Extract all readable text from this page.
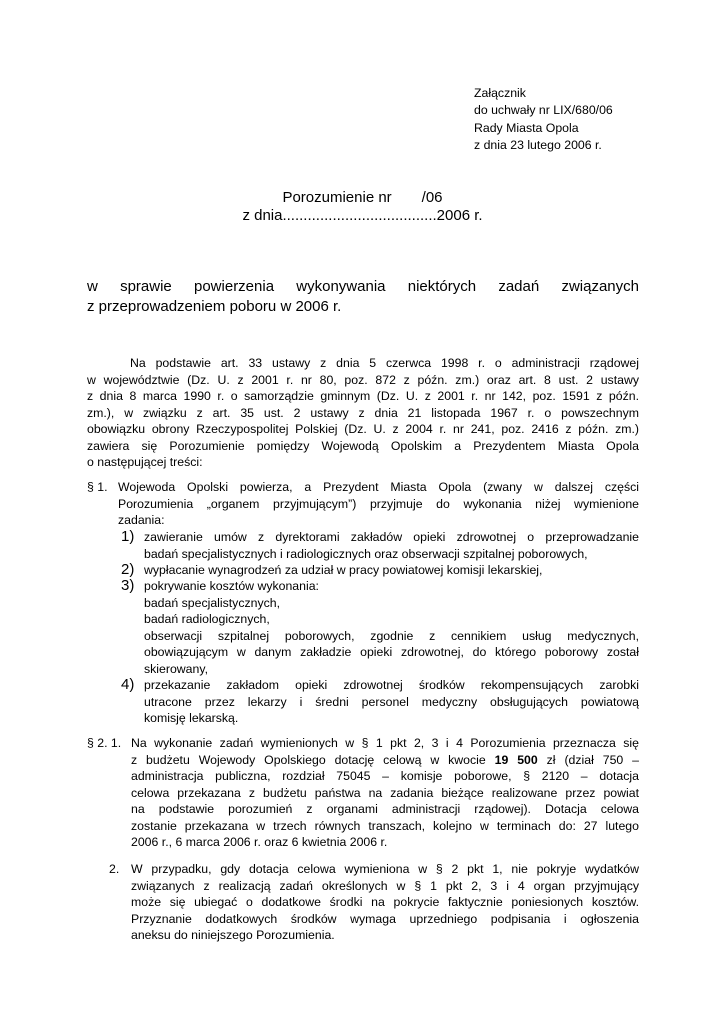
Załącznik
do uchwały nr LIX/680/06
Rady Miasta Opola
z dnia 23 lutego 2006 r.
Porozumienie nr /06
z dnia.....................................2006 r.
w sprawie powierzenia wykonywania niektórych zadań związanych
z przeprowadzeniem poboru w 2006 r.
Na podstawie art. 33 ustawy z dnia 5 czerwca 1998 r. o administracji rządowej
w województwie (Dz. U. z 2001 r. nr 80, poz. 872 z późn. zm.) oraz art. 8 ust. 2 ustawy
z dnia 8 marca 1990 r. o samorządzie gminnym (Dz. U. z 2001 r. nr 142, poz. 1591 z późn.
zm.), w związku z art. 35 ust. 2 ustawy z dnia 21 listopada 1967 r. o powszechnym
obowiązku obrony Rzeczypospolitej Polskiej (Dz. U. z 2004 r. nr 241, poz. 2416 z późn. zm.)
zawiera się Porozumienie pomiędzy Wojewodą Opolskim a Prezydentem Miasta Opola
o następującej treści:
§ 1. Wojewoda Opolski powierza, a Prezydent Miasta Opola (zwany w dalszej części
Porozumienia „organem przyjmującym”) przyjmuje do wykonania niżej wymienione
zadania:
1) zawieranie umów z dyrektorami zakładów opieki zdrowotnej o przeprowadzanie
badań specjalistycznych i radiologicznych oraz obserwacji szpitalnej poborowych,
2) wypłacanie wynagrodzeń za udział w pracy powiatowej komisji lekarskiej,
3) pokrywanie kosztów wykonania:
badań specjalistycznych,
badań radiologicznych,
obserwacji szpitalnej poborowych, zgodnie z cennikiem usług medycznych,
obowiązującym w danym zakładzie opieki zdrowotnej, do którego poborowy został
skierowany,
4) przekazanie zakładom opieki zdrowotnej środków rekompensujących zarobki
utracone przez lekarzy i średni personel medyczny obsługujących powiatową
komisję lekarską.
§ 2. 1. Na wykonanie zadań wymienionych w § 1 pkt 2, 3 i 4 Porozumienia przeznacza się
z budżetu Wojewody Opolskiego dotację celową w kwocie 19 500 zł (dział 750 –
administracja publiczna, rozdział 75045 – komisje poborowe, § 2120 – dotacja
celowa przekazana z budżetu państwa na zadania bieżące realizowane przez powiat
na podstawie porozumień z organami administracji rządowej). Dotacja celowa
zostanie przekazana w trzech równych transzach, kolejno w terminach do: 27 lutego
2006 r., 6 marca 2006 r. oraz 6 kwietnia 2006 r.
2. W przypadku, gdy dotacja celowa wymieniona w § 2 pkt 1, nie pokryje wydatków
związanych z realizacją zadań określonych w § 1 pkt 2, 3 i 4 organ przyjmujący
może się ubiegać o dodatkowe środki na pokrycie faktycznie poniesionych kosztów.
Przyznanie dodatkowych środków wymaga uprzedniego podpisania i ogłoszenia
aneksu do niniejszego Porozumienia.
